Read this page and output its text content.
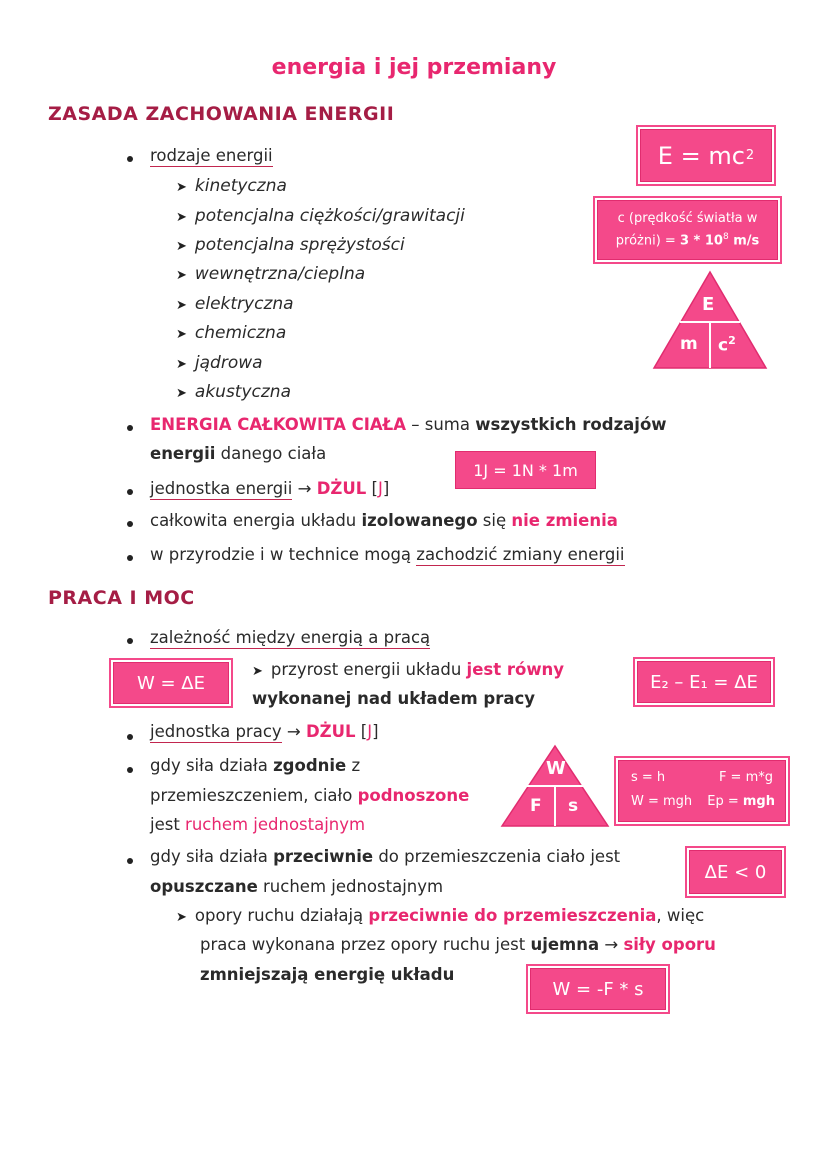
energia i jej przemiany
ZASADA ZACHOWANIA ENERGII
rodzaje energii
➤ kinetyczna
➤ potencjalna ciężkości/grawitacji
➤ potencjalna sprężystości
➤ wewnętrzna/cieplna
➤ elektryczna
➤ chemiczna
➤ jądrowa
➤ akustyczna
E = mc 2
c (prędkość światła w
próżni) = $3 * 10^8$ m/s
E
m $c^2$
ENERGIA CAŁKOWITA CIAŁA – suma wszystkich rodzajów
energii danego ciała
1J = 1N * 1m
jednostka energii → DŻUL [J]
całkowita energia układu izolowanego się nie zmienia
w przyrodzie i w technice mogą zachodzić zmiany energii
PRACA I MOC
zależność między energią a pracą
W = ΔE
➤ przyrost energii układu jest równy
wykonanej nad układem pracy
E₂ – E₁ = ΔE
jednostka pracy → DŻUL [J]
gdy siła działa zgodnie z
przemieszczeniem, ciało podnoszone
jest ruchem jednostajnym
W
F s
s = h	F = m*g
W = mgh Ep = mgh
gdy siła działa przeciwnie do przemieszczenia ciało jest
opuszczane ruchem jednostajnym
ΔE < 0
➤ opory ruchu działają przeciwnie do przemieszczenia, więc
praca wykonana przez opory ruchu jest ujemna → siły oporu
zmniejszają energię układu
W = -F * s
